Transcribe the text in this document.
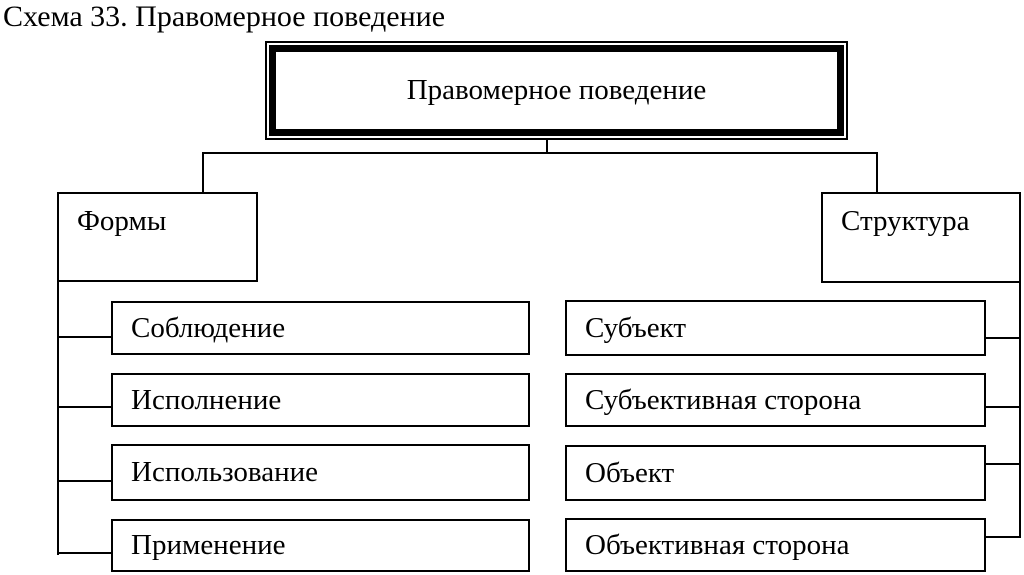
Схема 33. Правомерное поведение
Правомерное поведение
Формы	Структура
Соблюдение
Исполнение
Использование
Применение
Субъект
Субъективная сторона
Объект
Объективная сторона
